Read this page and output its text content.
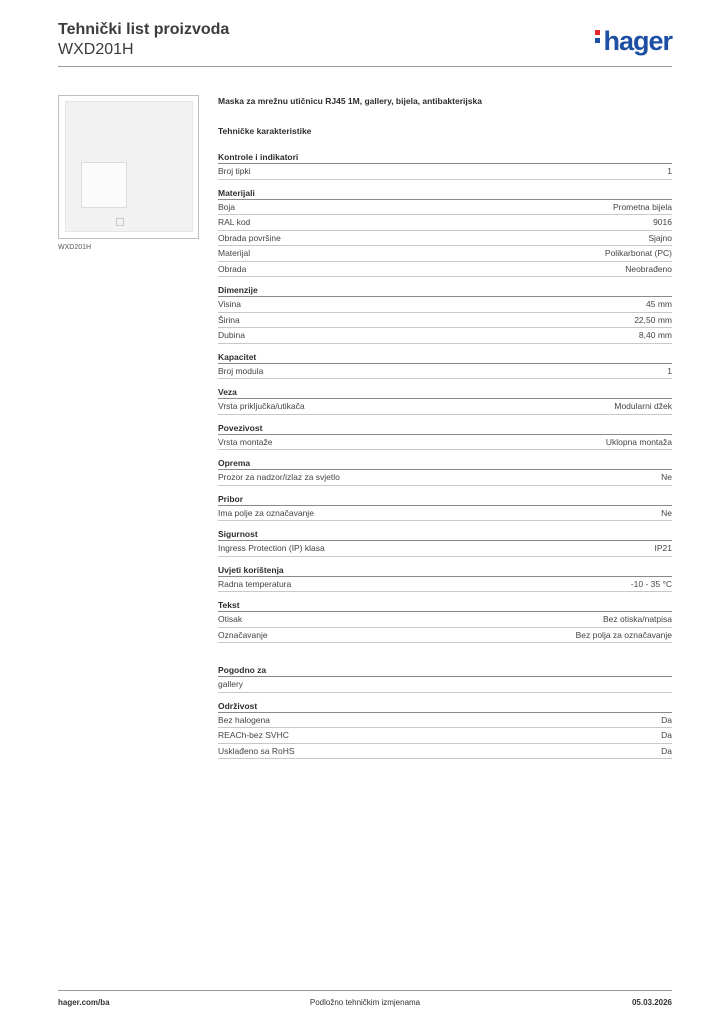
Tehnički list proizvoda
WXD201H	hager
WXD201H
Maska za mrežnu utičnicu RJ45 1M, gallery, bijela, antibakterijska
Tehničke karakteristike
Kontrole i indikatori
Broj tipki	1
Materijali
Boja	Prometna bijela
RAL kod	9016
Obrada površine	Sjajno
Materijal	Polikarbonat (PC)
Obrada	Neobrađeno
Dimenzije
Visina	45 mm
Širina	22,50 mm
Dubina	8,40 mm
Kapacitet
Broj modula	1
Veza
Vrsta priključka/utikača	Modularni džek
Povezivost
Vrsta montaže	Uklopna montaža
Oprema
Prozor za nadzor/izlaz za svjetlo	Ne
Pribor
Ima polje za označavanje	Ne
Sigurnost
Ingress Protection (IP) klasa	IP21
Uvjeti korištenja
Radna temperatura	-10 - 35 °C
Tekst
Otisak	Bez otiska/natpisa
Označavanje	Bez polja za označavanje
Pogodno za
gallery
Održivost
Bez halogena	Da
REACh-bez SVHC	Da
Usklađeno sa RoHS	Da
hager.com/ba	Podložno tehničkim izmjenama	05.03.2026
